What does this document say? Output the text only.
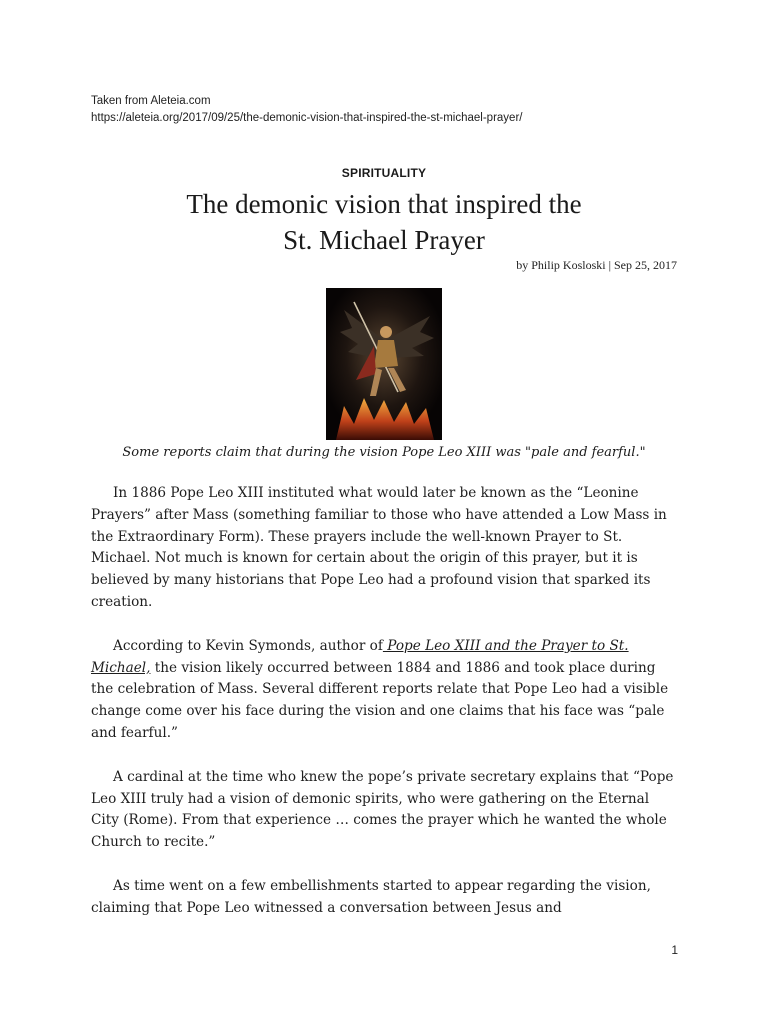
Taken from Aleteia.com
https://aleteia.org/2017/09/25/the-demonic-vision-that-inspired-the-st-michael-prayer/
SPIRITUALITY
The demonic vision that inspired the
St. Michael Prayer
by Philip Kosloski | Sep 25, 2017
Some reports claim that during the vision Pope Leo XIII was "pale and fearful."

In 1886 Pope Leo XIII instituted what would later be known as the “Leonine Prayers” after Mass (something familiar to those who have attended a Low Mass in the Extraordinary Form). These prayers include the well-known Prayer to St. Michael. Not much is known for certain about the origin of this prayer, but it is believed by many historians that Pope Leo had a profound vision that sparked its creation.

According to Kevin Symonds, author of Pope Leo XIII and the Prayer to St. Michael, the vision likely occurred between 1884 and 1886 and took place during the celebration of Mass. Several different reports relate that Pope Leo had a visible change come over his face during the vision and one claims that his face was “pale and fearful.”

A cardinal at the time who knew the pope’s private secretary explains that “Pope Leo XIII truly had a vision of demonic spirits, who were gathering on the Eternal City (Rome). From that experience … comes the prayer which he wanted the whole Church to recite.”

As time went on a few embellishments started to appear regarding the vision, claiming that Pope Leo witnessed a conversation between Jesus and

1
